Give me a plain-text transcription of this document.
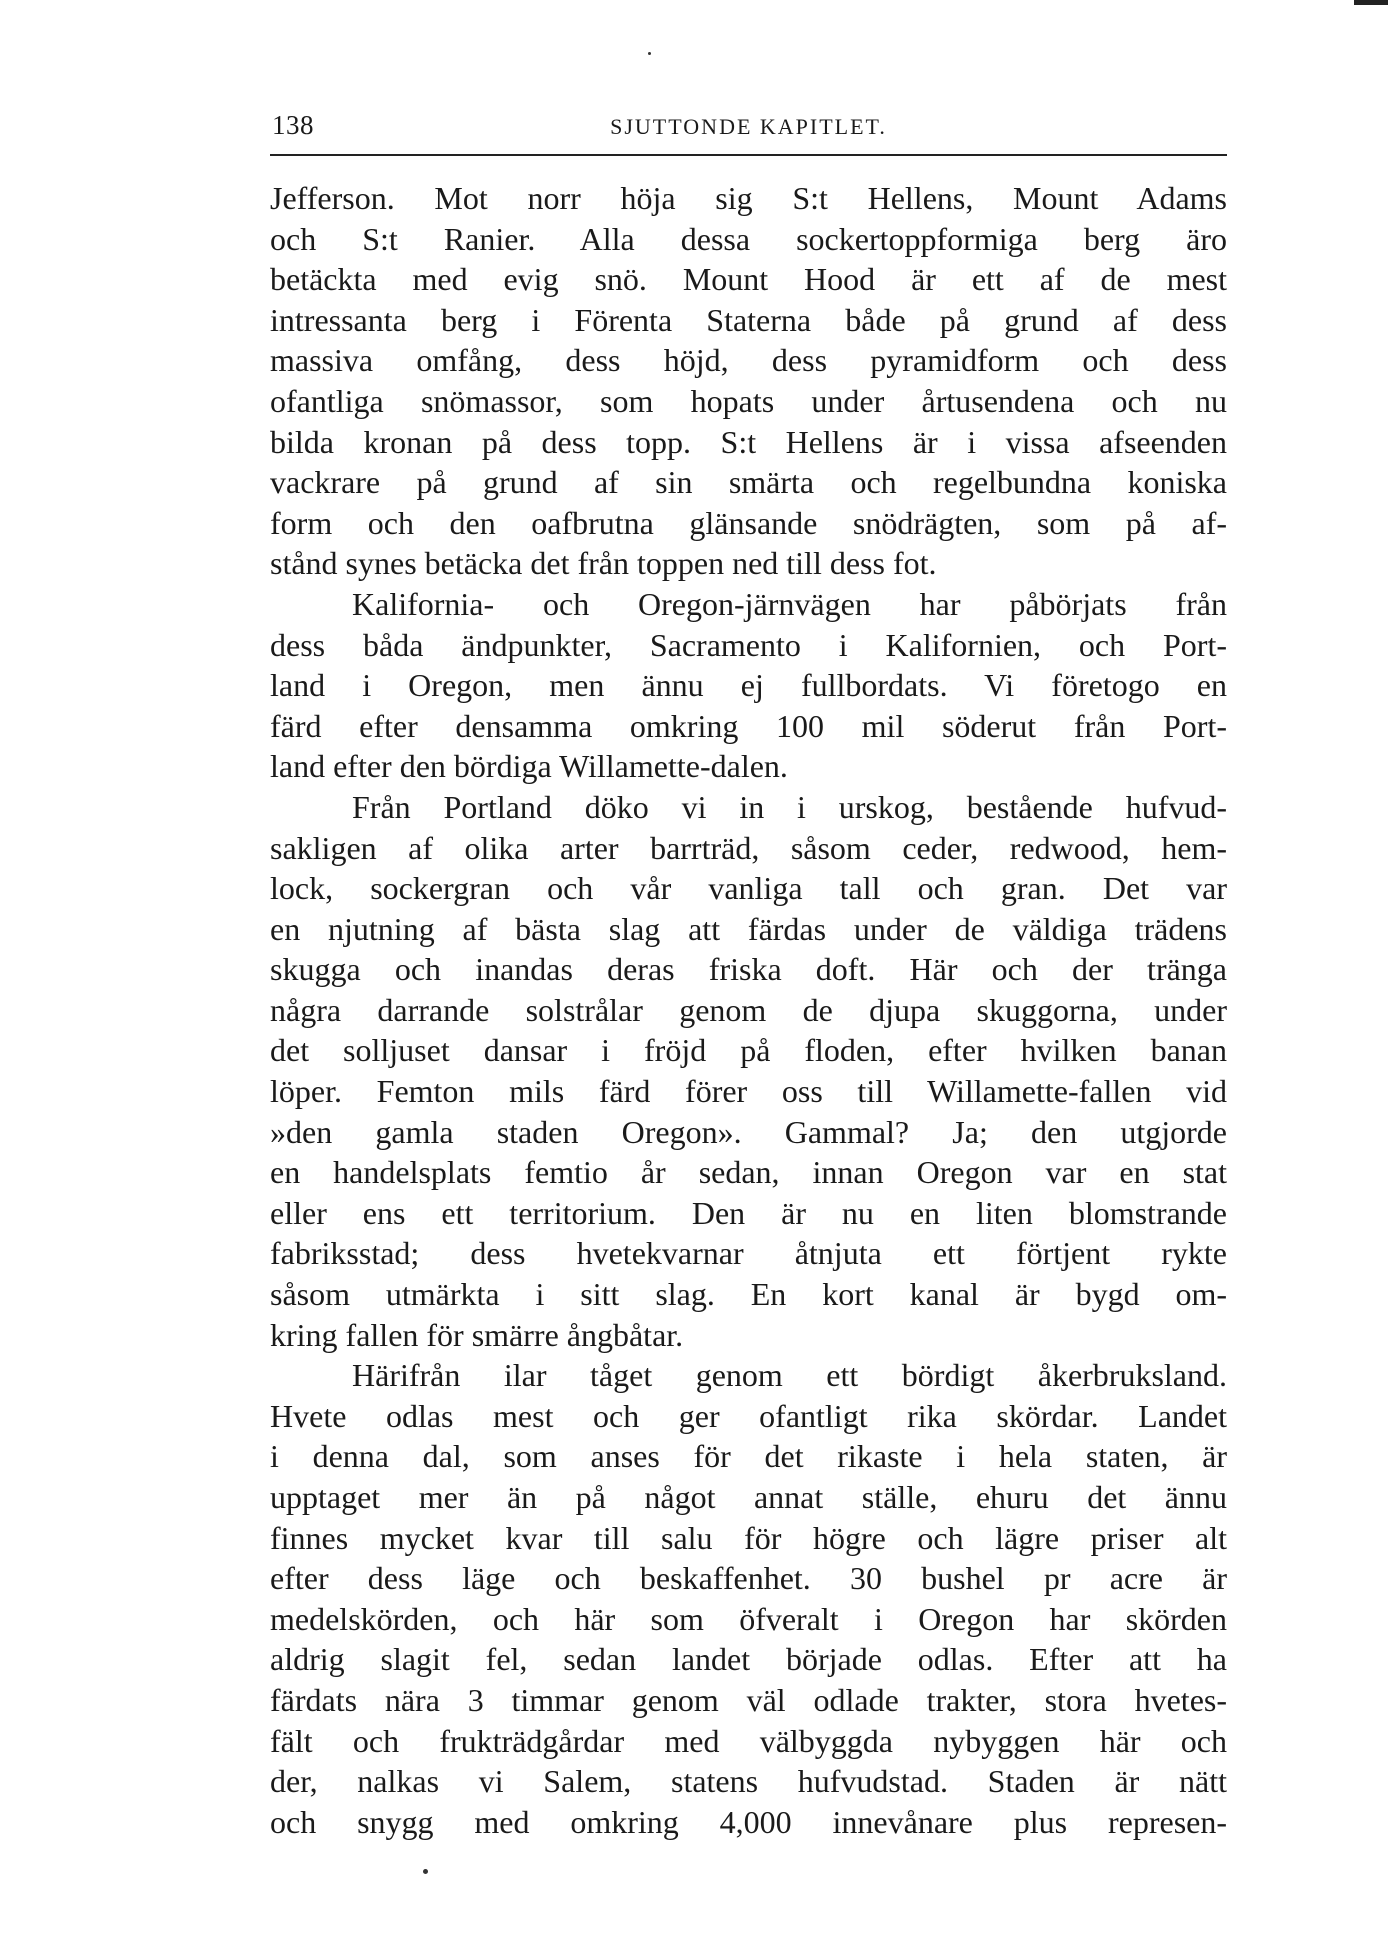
138	SJUTTONDE KAPITLET.
Jefferson. Mot norr höja sig S:t Hellens, Mount Adams
och S:t Ranier. Alla dessa sockertoppformiga berg äro
betäckta med evig snö. Mount Hood är ett af de mest
intressanta berg i Förenta Staterna både på grund af dess
massiva omfång, dess höjd, dess pyramidform och dess
ofantliga snömassor, som hopats under årtusendena och nu
bilda kronan på dess topp. S:t Hellens är i vissa afseenden
vackrare på grund af sin smärta och regelbundna koniska
form och den oafbrutna glänsande snödrägten, som på af-
stånd synes betäcka det från toppen ned till dess fot.
Kalifornia- och Oregon-järnvägen har påbörjats från
dess båda ändpunkter, Sacramento i Kalifornien, och Port-
land i Oregon, men ännu ej fullbordats. Vi företogo en
färd efter densamma omkring 100 mil söderut från Port-
land efter den bördiga Willamette-dalen.
Från Portland döko vi in i urskog, bestående hufvud-
sakligen af olika arter barrträd, såsom ceder, redwood, hem-
lock, sockergran och vår vanliga tall och gran. Det var
en njutning af bästa slag att färdas under de väldiga trädens
skugga och inandas deras friska doft. Här och der tränga
några darrande solstrålar genom de djupa skuggorna, under
det solljuset dansar i fröjd på floden, efter hvilken banan
löper. Femton mils färd förer oss till Willamette-fallen vid
»den gamla staden Oregon». Gammal? Ja; den utgjorde
en handelsplats femtio år sedan, innan Oregon var en stat
eller ens ett territorium. Den är nu en liten blomstrande
fabriksstad; dess hvetekvarnar åtnjuta ett förtjent rykte
såsom utmärkta i sitt slag. En kort kanal är bygd om-
kring fallen för smärre ångbåtar.
Härifrån ilar tåget genom ett bördigt åkerbruksland.
Hvete odlas mest och ger ofantligt rika skördar. Landet
i denna dal, som anses för det rikaste i hela staten, är
upptaget mer än på något annat ställe, ehuru det ännu
finnes mycket kvar till salu för högre och lägre priser alt
efter dess läge och beskaffenhet. 30 bushel pr acre är
medelskörden, och här som öfveralt i Oregon har skörden
aldrig slagit fel, sedan landet började odlas. Efter att ha
färdats nära 3 timmar genom väl odlade trakter, stora hvetes-
fält och frukträdgårdar med välbyggda nybyggen här och
der, nalkas vi Salem, statens hufvudstad. Staden är nätt
och snygg med omkring 4,000 innevånare plus represen-
